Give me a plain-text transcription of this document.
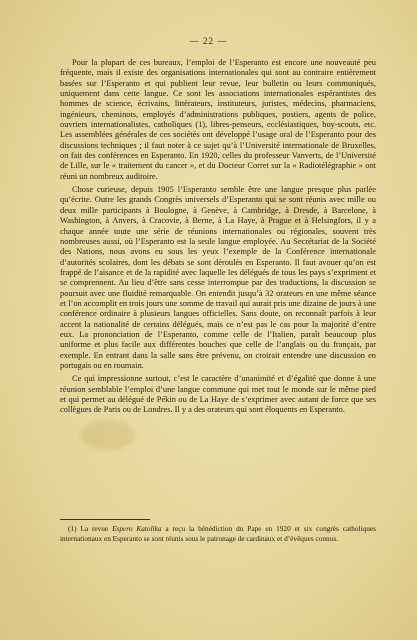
— 22 —

Pour la plupart de ces bureaux, l’emploi de l’Esperanto est encore une nouveauté peu fréquente, mais il existe des organisations internationales qui sont au contraire entièrement basées sur l’Esperanto et qui publient leur revue, leur bulletin ou leurs communiqués, uniquement dans cette langue. Ce sont les associations internationales espérantistes des hommes de science, écrivains, littérateurs, instituteurs, juristes, médecins, pharmaciens, ingénieurs, cheminots, employés d’administrations publiques, postiers, agents de police, ouvriers internationalistes, catholiques (1), libres-penseurs, ecclésiastiques, boy-scouts, etc. Les assemblées générales de ces sociétés ont développé l’usage oral de l’Esperanto pour des discussions techniques ; il faut noter à ce sujet qu’à l’Université internationale de Bruxelles, on fait des conférences en Esperanto. En 1920, celles du professeur Vanverts, de l’Université de Lille, sur le « traitement du cancer », et du Docteur Corret sur la « Radiotélégraphie » ont réuni un nombreux auditoire.

Chose curieuse, depuis 1905 l’Esperanto semble être une langue presque plus parlée qu’écrite. Outre les grands Congrès universels d’Esperanto qui se sont réunis avec mille ou deux mille participants à Boulogne, à Genève, à Cambridge, à Dresde, à Barcelone, à Washington, à Anvers, à Cracovie, à Berne, à La Haye, à Prague et à Helsingfors, il y a chaque année toute une série de réunions internationales ou régionales, souvent très nombreuses aussi, où l’Esperanto est la seule langue employée. Au Secrétariat de la Société des Nations, nous avons eu sous les yeux l’exemple de la Conférence internationale d’autorités scolaires, dont les débats se sont déroulés en Esperanto. Il faut avouer qu’on est frappé de l’aisance et de la rapidité avec laquelle les délégués de tous les pays s’expriment et se comprennent. Au lieu d’être sans cesse interrompue par des traductions, la discussion se poursuit avec une fluidité remarquable. On entendit jusqu’à 32 orateurs en une même séance et l’on accomplit en trois jours une somme de travail qui aurait pris une dizaine de jours à une conférence ordinaire à plusieurs langues officielles. Sans doute, on reconnaît parfois à leur accent la nationalité de certains délégués, mais ce n’est pas le cas pour la majorité d’entre eux. La prononciation de l’Esperanto, comme celle de l’Italien, paraît beaucoup plus uniforme et plus facile aux différentes bouches que celle de l’anglais ou du français, par exemple. En entrant dans la salle sans être prévenu, on croirait entendre une discussion en portugais ou en roumain.

Ce qui impressionne surtout, c’est le caractère d’unanimité et d’égalité que donne à une réunion semblable l’emploi d’une langue commune qui met tout le monde sur le même pied et qui permet au délégué de Pékin ou de La Haye de s’exprimer avec autant de force que ses collègues de Paris ou de Londres. Il y a des orateurs qui sont éloquents en Esperanto.

(1) La revue Espero Katolika a reçu la bénédiction du Pape en 1920 et six congrès catholiques internationaux en Esperanto se sont réunis sous le patronage de cardinaux et d’évêques connus.
